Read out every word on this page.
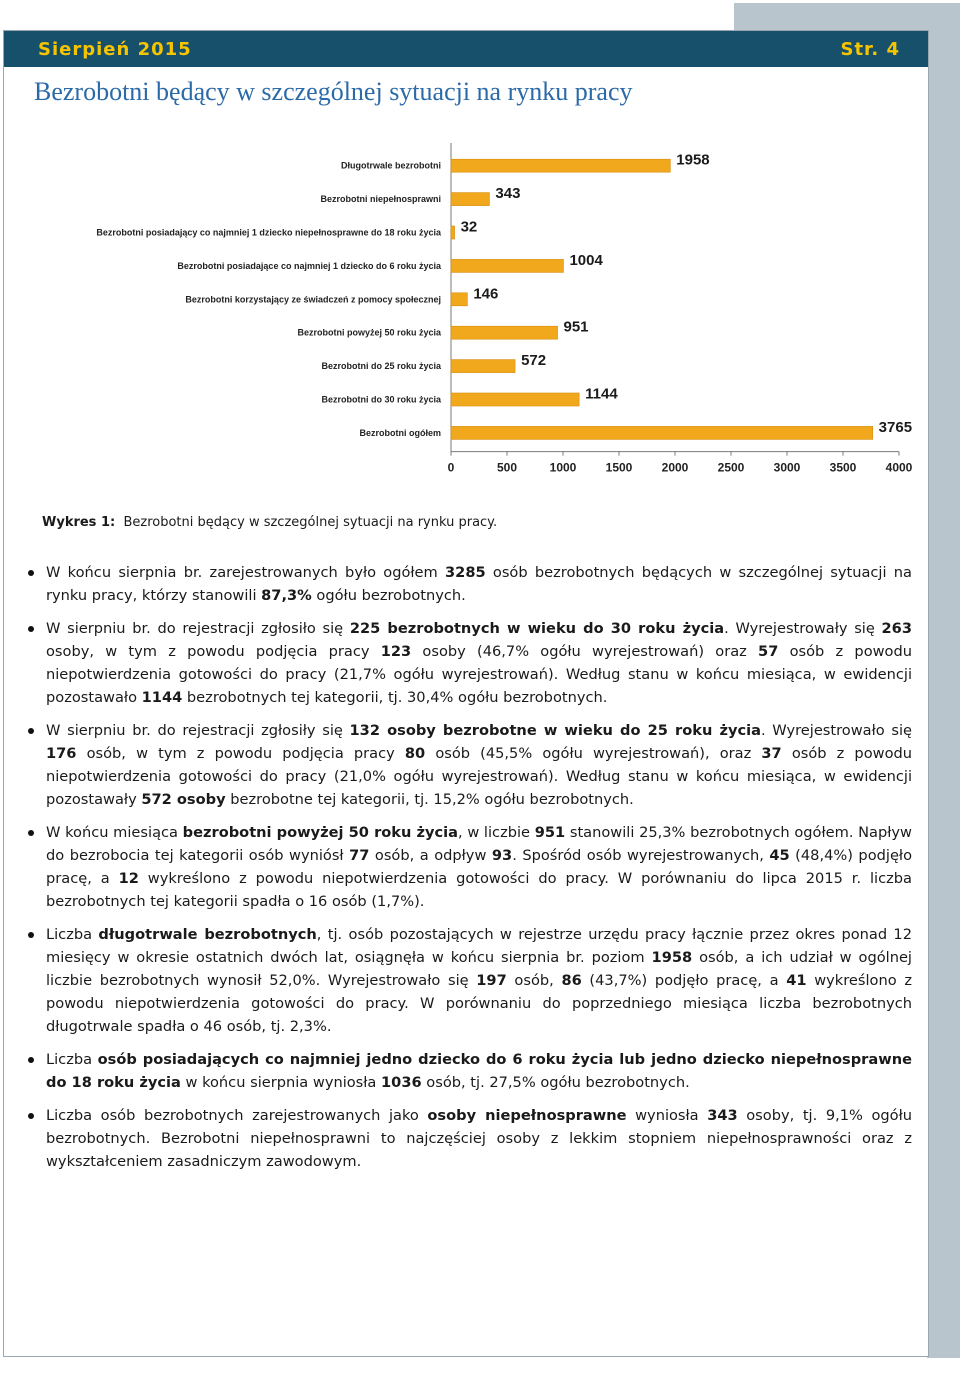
Sierpień 2015	Str. 4
Bezrobotni będący w szczególnej sytuacji na rynku pracy
Długotrwale bezrobotni	1958
Bezrobotni niepełnosprawni	343
Bezrobotni posiadający co najmniej 1 dziecko niepełnosprawne do 18 roku życia 32
Bezrobotni posiadające co najmniej 1 dziecko do 6 roku życia	1004
Bezrobotni korzystający ze świadczeń z pomocy społecznej 146
Bezrobotni powyżej 50 roku życia	951
Bezrobotni do 25 roku życia	572
Bezrobotni do 30 roku życia	1144
Bezrobotni ogółem	3765
0	500	1000 1500 2000 2500 3000 3500 4000
Wykres 1: Bezrobotni będący w szczególnej sytuacji na rynku pracy.
W końcu sierpnia br. zarejestrowanych było ogółem 3285 osób bezrobotnych będących w szczególnej sytuacji na rynku pracy, którzy stanowili 87,3% ogółu bezrobotnych.
W sierpniu br. do rejestracji zgłosiło się 225 bezrobotnych w wieku do 30 roku życia. Wyrejestrowały się 263 osoby, w tym z powodu podjęcia pracy 123 osoby (46,7% ogółu wyrejestrowań) oraz 57 osób z powodu niepotwierdzenia gotowości do pracy (21,7% ogółu wyrejestrowań). Według stanu w końcu miesiąca, w ewidencji pozostawało 1144 bezrobotnych tej kategorii, tj. 30,4% ogółu bezrobotnych.
W sierpniu br. do rejestracji zgłosiły się 132 osoby bezrobotne w wieku do 25 roku życia. Wyrejestrowało się 176 osób, w tym z powodu podjęcia pracy 80 osób (45,5% ogółu wyrejestrowań), oraz 37 osób z powodu niepotwierdzenia gotowości do pracy (21,0% ogółu wyrejestrowań). Według stanu w końcu miesiąca, w ewidencji pozostawały 572 osoby bezrobotne tej kategorii, tj. 15,2% ogółu bezrobotnych.
W końcu miesiąca bezrobotni powyżej 50 roku życia, w liczbie 951 stanowili 25,3% bezrobotnych ogółem. Napływ do bezrobocia tej kategorii osób wyniósł 77 osób, a odpływ 93. Spośród osób wyrejestrowanych, 45 (48,4%) podjęło pracę, a 12 wykreślono z powodu niepotwierdzenia gotowości do pracy. W porównaniu do lipca 2015 r. liczba bezrobotnych tej kategorii spadła o 16 osób (1,7%).
Liczba długotrwale bezrobotnych, tj. osób pozostających w rejestrze urzędu pracy łącznie przez okres ponad 12 miesięcy w okresie ostatnich dwóch lat, osiągnęła w końcu sierpnia br. poziom 1958 osób, a ich udział w ogólnej liczbie bezrobotnych wynosił 52,0%. Wyrejestrowało się 197 osób, 86 (43,7%) podjęło pracę, a 41 wykreślono z powodu niepotwierdzenia gotowości do pracy. W porównaniu do poprzedniego miesiąca liczba bezrobotnych długotrwale spadła o 46 osób, tj. 2,3%.
Liczba osób posiadających co najmniej jedno dziecko do 6 roku życia lub jedno dziecko niepełnosprawne do 18 roku życia w końcu sierpnia wyniosła 1036 osób, tj. 27,5% ogółu bezrobotnych.
Liczba osób bezrobotnych zarejestrowanych jako osoby niepełnosprawne wyniosła 343 osoby, tj. 9,1% ogółu bezrobotnych. Bezrobotni niepełnosprawni to najczęściej osoby z lekkim stopniem niepełnosprawności oraz z wykształceniem zasadniczym zawodowym.
